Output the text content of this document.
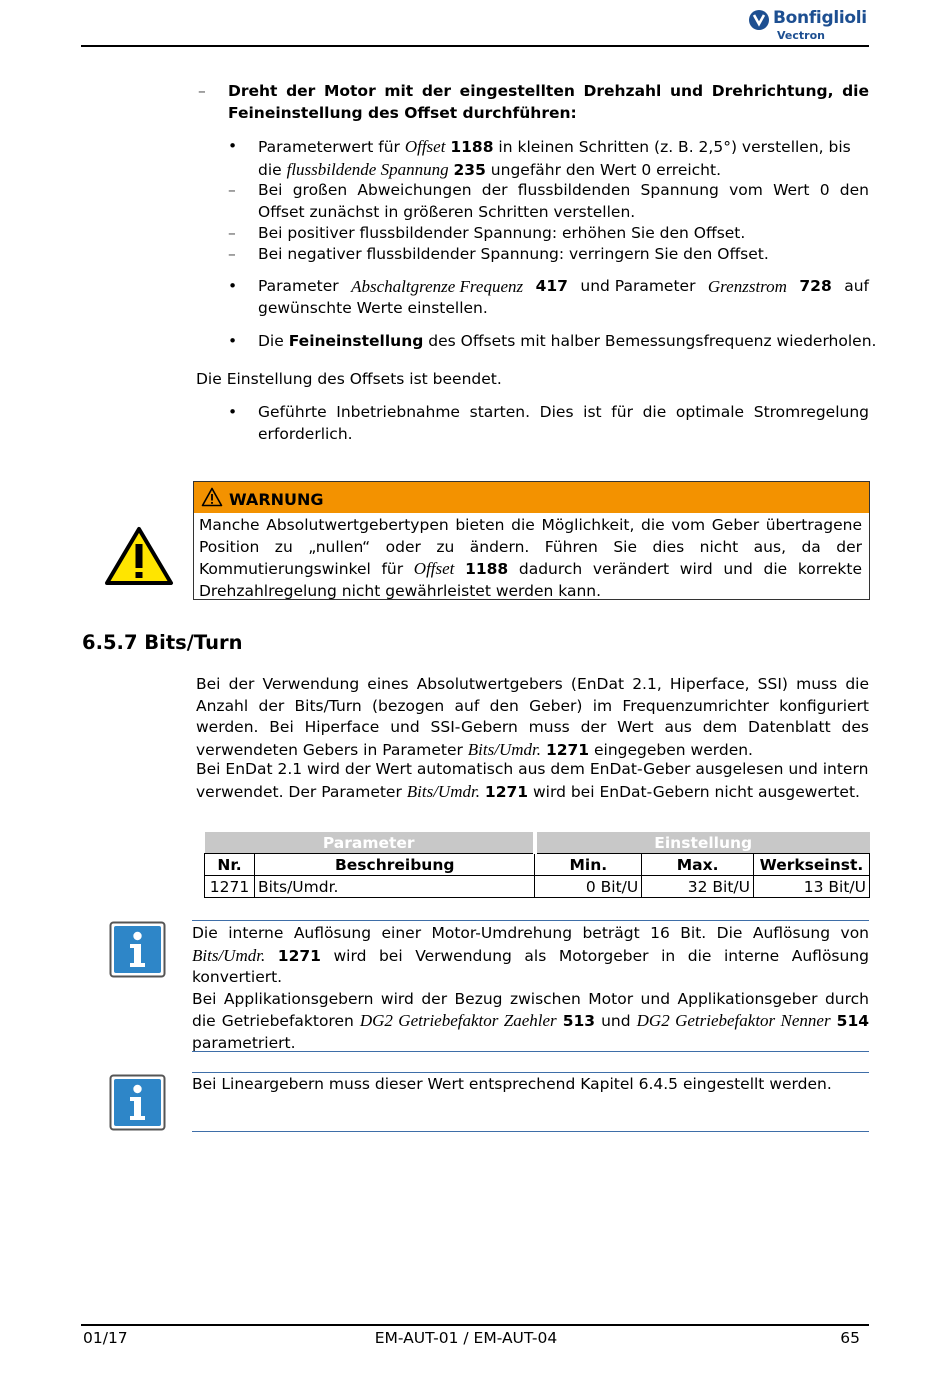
Bonfiglioli
Vectron
– Dreht der Motor mit der eingestellten Drehzahl und Drehrichtung, die Feineinstellung des Offset durchführen:
• Parameterwert für Offset 1188 in kleinen Schritten (z. B. 2,5°) verstellen, bis
die flussbildende Spannung 235 ungefähr den Wert 0 erreicht.
– Bei großen Abweichungen der flussbildenden Spannung vom Wert 0 den Offset zunächst in größeren Schritten verstellen.
– Bei positiver flussbildender Spannung: erhöhen Sie den Offset.
– Bei negativer flussbildender Spannung: verringern Sie den Offset.
• Parameter Abschaltgrenze Frequenz 417 und Parameter Grenzstrom 728 auf
gewünschte Werte einstellen.
• Die Feineinstellung des Offsets mit halber Bemessungsfrequenz wiederholen.
Die Einstellung des Offsets ist beendet.
• Geführte Inbetriebnahme starten. Dies ist für die optimale Stromregelung erforderlich.
WARNUNG
Manche Absolutwertgebertypen bieten die Möglichkeit, die vom Geber übertragene Position zu „nullen“ oder zu ändern. Führen Sie dies nicht aus, da der Kommutierungswinkel für Offset 1188 dadurch verändert wird und die korrekte Drehzahlregelung nicht gewährleistet werden kann.
6.5.7 Bits/Turn
Bei der Verwendung eines Absolutwertgebers (EnDat 2.1, Hiperface, SSI) muss die Anzahl der Bits/Turn (bezogen auf den Geber) im Frequenzumrichter konfiguriert werden. Bei Hiperface und SSI-Gebern muss der Wert aus dem Datenblatt des verwendeten Gebers in Parameter Bits/Umdr. 1271 eingegeben werden.
Bei EnDat 2.1 wird der Wert automatisch aus dem EnDat-Geber ausgelesen und intern verwendet. Der Parameter Bits/Umdr. 1271 wird bei EnDat-Gebern nicht ausgewertet.
Parameter		Einstellung		
Nr.	Beschreibung	Min.	Max.	Werkseinst.
1271	Bits/Umdr.	0 Bit/U	32 Bit/U	13 Bit/U
Die interne Auflösung einer Motor-Umdrehung beträgt 16 Bit. Die Auflösung von Bits/Umdr. 1271 wird bei Verwendung als Motorgeber in die interne Auflösung konvertiert.
Bei Applikationsgebern wird der Bezug zwischen Motor und Applikationsgeber durch die Getriebefaktoren DG2 Getriebefaktor Zaehler 513 und DG2 Getriebefaktor Nenner 514 parametriert.
Bei Lineargebern muss dieser Wert entsprechend Kapitel 6.4.5 eingestellt werden.
01/17	EM-AUT-01 / EM-AUT-04	65
